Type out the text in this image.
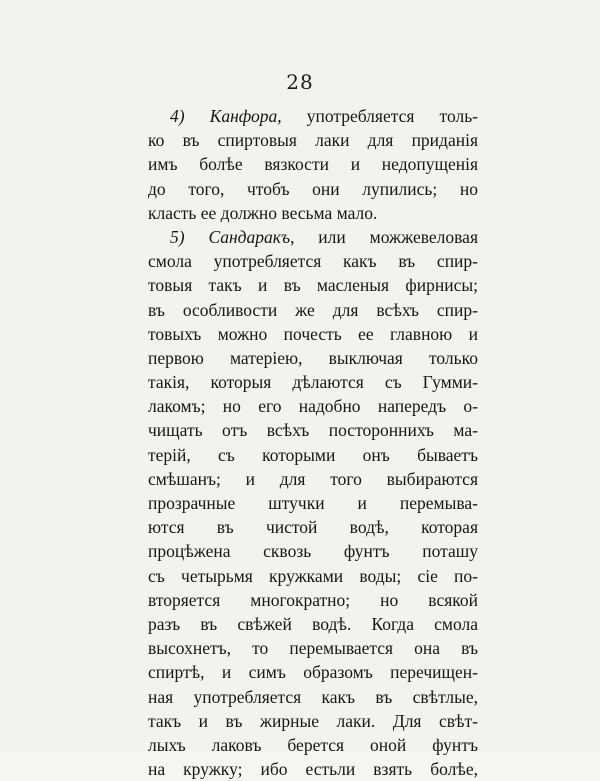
28
4) Канфора, употребляется толь-
ко въ спиртовыя лаки для приданія
имъ болѣе вязкости и недопущенія
до того, чтобъ они лупились; но
класть ее должно весьма мало.
5) Сандаракъ, или можжевеловая
смола употребляется какъ въ спир-
товыя такъ и въ масленыя фирнисы;
въ особливости же для всѣхъ спир-
товыхъ можно почесть ее главною и
первою матеріею, выключая только
такія, которыя дѣлаются съ Гумми-
лакомъ; но его надобно напередъ о-
чищать отъ всѣхъ постороннихъ ма-
терій, съ которыми онъ бываетъ
смѣшанъ; и для того выбираются
прозрачные штучки и перемыва-
ются въ чистой водѣ, которая
процѣжена сквозь фунтъ поташу
съ четырьмя кружками воды; сіе по-
вторяется многократно; но всякой
разъ въ свѣжей водѣ. Когда смола
высохнетъ, то перемывается она въ
спиртѣ, и симъ образомъ перечищен-
ная употребляется какъ въ свѣтлые,
такъ и въ жирные лаки. Для свѣт-
лыхъ лаковъ берется оной фунтъ
на кружку; ибо естьли взять болѣе,
